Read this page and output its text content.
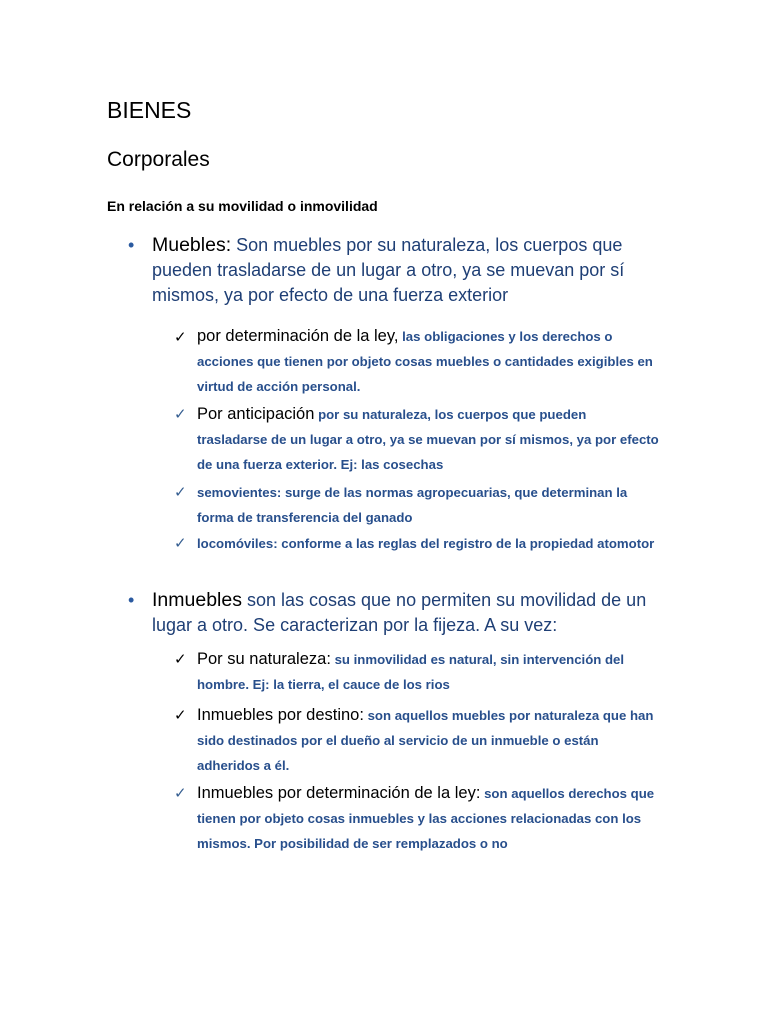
BIENES
Corporales
En relación a su movilidad o inmovilidad
• Muebles: Son muebles por su naturaleza, los cuerpos que pueden trasladarse de un lugar a otro, ya se muevan por sí mismos, ya por efecto de una fuerza exterior
✓ por determinación de la ley, las obligaciones y los derechos o acciones que tienen por objeto cosas muebles o cantidades exigibles en virtud de acción personal.
✓ Por anticipación por su naturaleza, los cuerpos que pueden trasladarse de un lugar a otro, ya se muevan por sí mismos, ya por efecto de una fuerza exterior. Ej: las cosechas
✓ semovientes: surge de las normas agropecuarias, que determinan la forma de transferencia del ganado
✓ locomóviles: conforme a las reglas del registro de la propiedad atomotor
• Inmuebles son las cosas que no permiten su movilidad de un lugar a otro. Se caracterizan por la fijeza. A su vez:
✓ Por su naturaleza: su inmovilidad es natural, sin intervención del hombre. Ej: la tierra, el cauce de los rios
✓ Inmuebles por destino: son aquellos muebles por naturaleza que han sido destinados por el dueño al servicio de un inmueble o están adheridos a él.
✓ Inmuebles por determinación de la ley: son aquellos derechos que tienen por objeto cosas inmuebles y las acciones relacionadas con los mismos. Por posibilidad de ser remplazados o no
